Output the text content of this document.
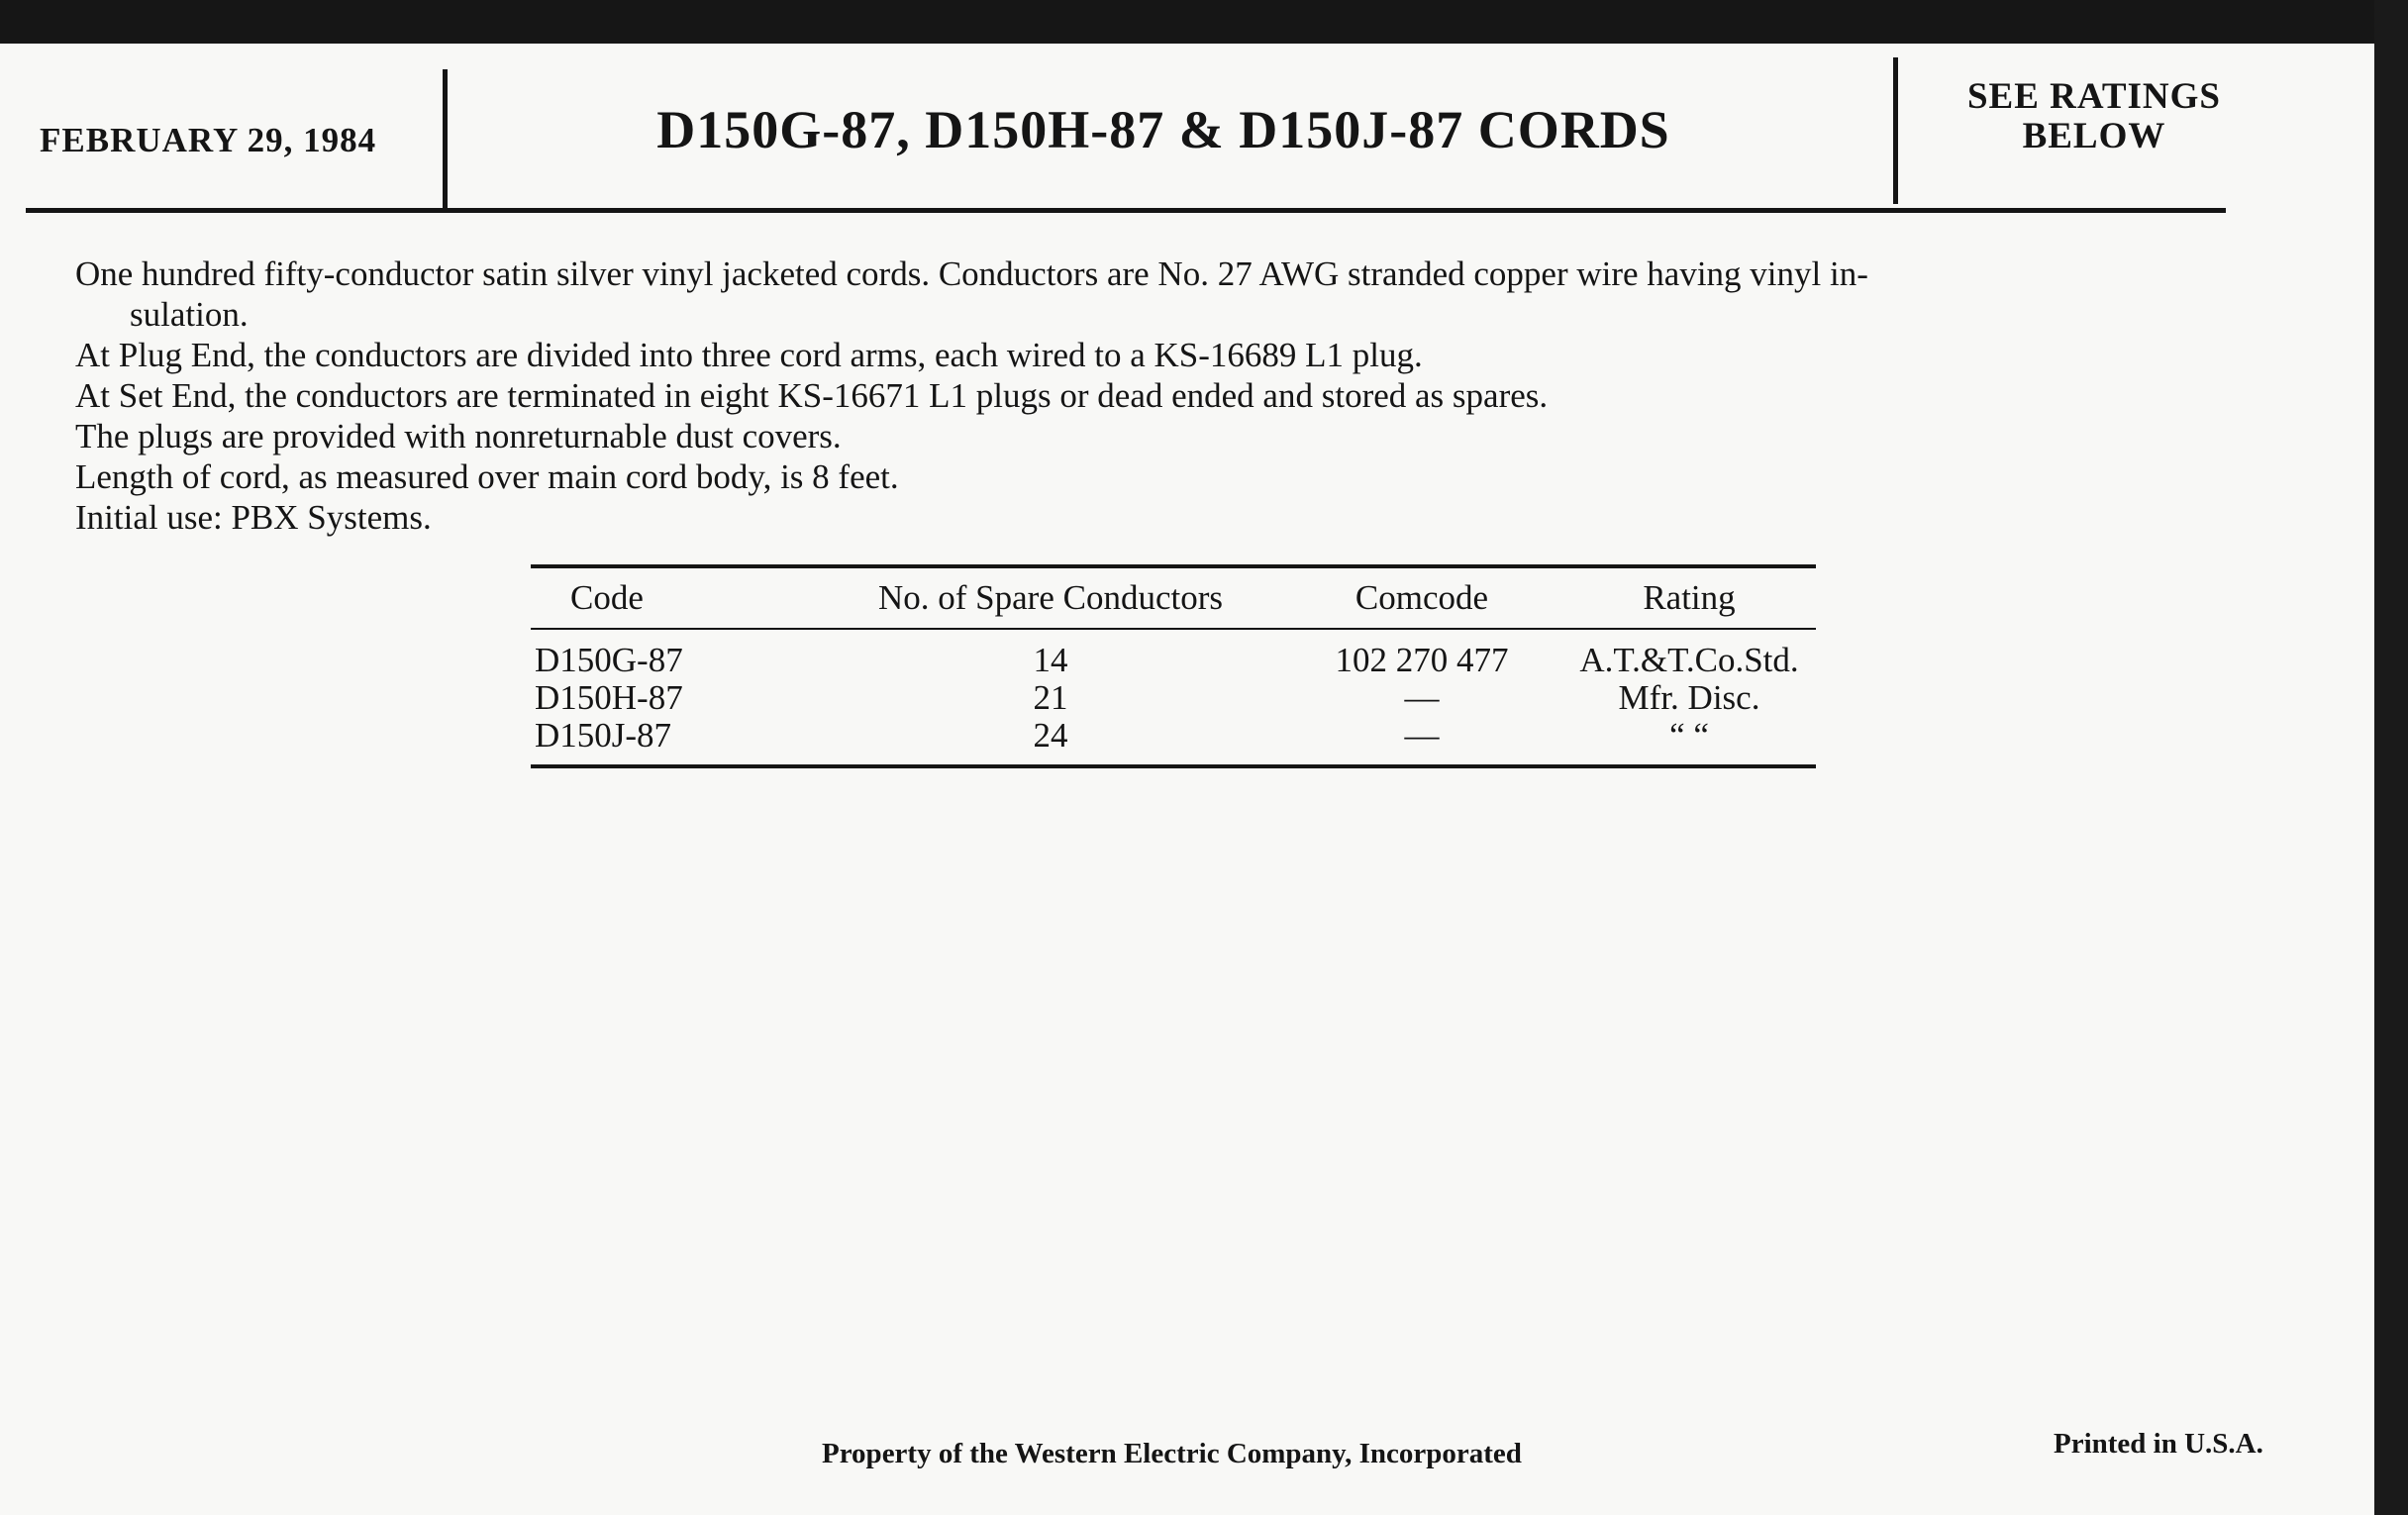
FEBRUARY 29, 1984	D150G-87, D150H-87 & D150J-87 CORDS
SEE RATINGS
BELOW

One hundred fifty-conductor satin silver vinyl jacketed cords. Conductors are No. 27 AWG stranded copper wire having vinyl in-

sulation.

At Plug End, the conductors are divided into three cord arms, each wired to a KS-16689 L1 plug.

At Set End, the conductors are terminated in eight KS-16671 L1 plugs or dead ended and stored as spares.

The plugs are provided with nonreturnable dust covers.

Length of cord, as measured over main cord body, is 8 feet.

Initial use: PBX Systems.

Code	No. of Spare Conductors	Comcode	Rating
D150G-87	14	102 270 477	A.T.&T.Co.Std.
D150H-87	21	—	Mfr. Disc.
D150J-87	24	—	“ “
Property of the Western Electric Company, Incorporated	Printed in U.S.A.
